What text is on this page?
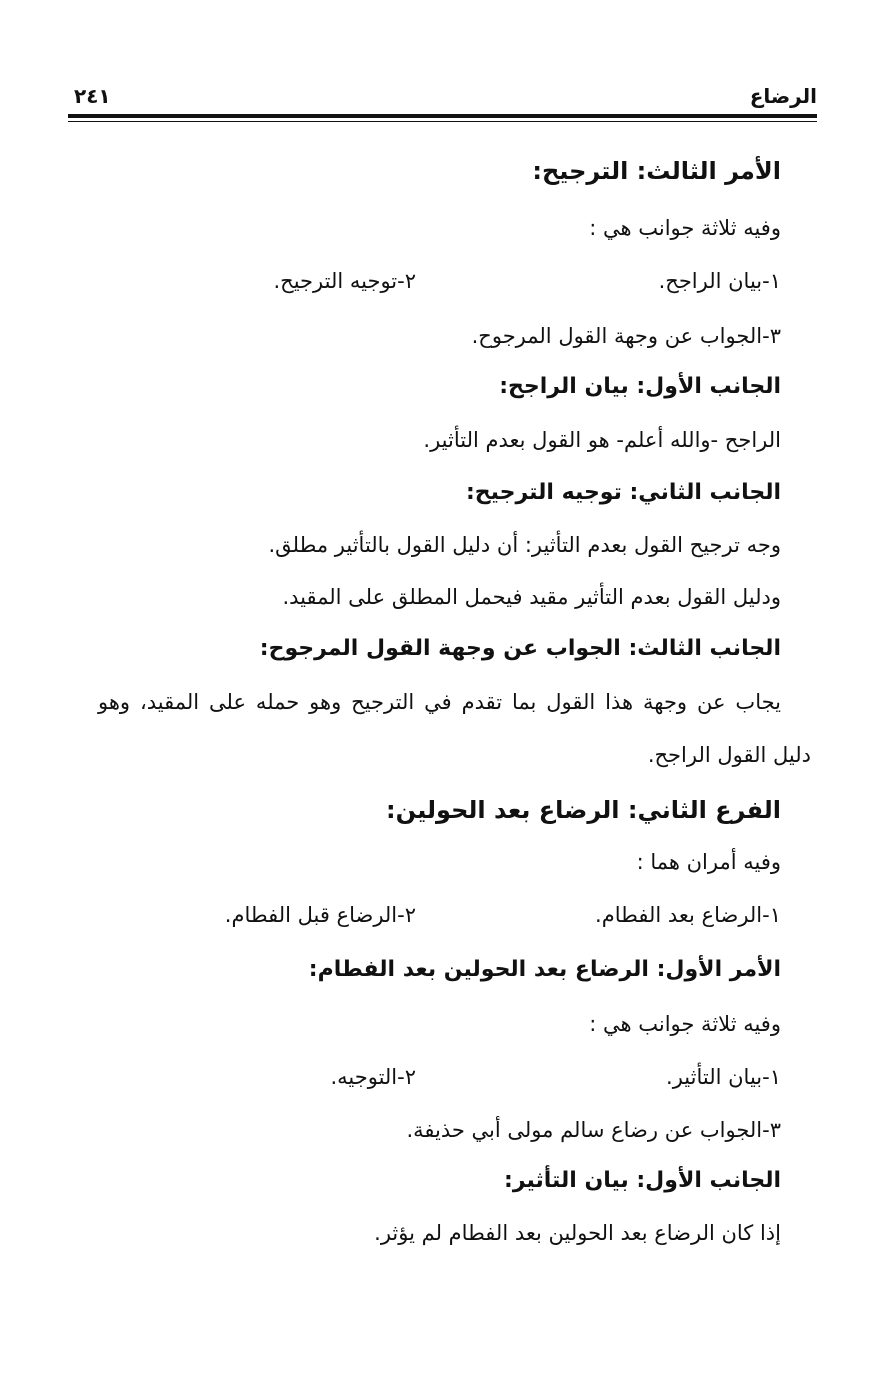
الرضاع
٢٤١
الأمر الثالث: الترجيح:
وفيه ثلاثة جوانب هي :
١-بيان الراجح.
٢-توجيه الترجيح.
٣-الجواب عن وجهة القول المرجوح.
الجانب الأول: بيان الراجح:
الراجح -والله أعلم- هو القول بعدم التأثير.
الجانب الثاني: توجيه الترجيح:
وجه ترجيح القول بعدم التأثير: أن دليل القول بالتأثير مطلق.
ودليل القول بعدم التأثير مقيد فيحمل المطلق على المقيد.
الجانب الثالث: الجواب عن وجهة القول المرجوح:
يجاب عن وجهة هذا القول بما تقدم في الترجيح وهو حمله على المقيد، وهو
دليل القول الراجح.
الفرع الثاني: الرضاع بعد الحولين:
وفيه أمران هما :
١-الرضاع بعد الفطام.
٢-الرضاع قبل الفطام.
الأمر الأول: الرضاع بعد الحولين بعد الفطام:
وفيه ثلاثة جوانب هي :
١-بيان التأثير.
٢-التوجيه.
٣-الجواب عن رضاع سالم مولى أبي حذيفة.
الجانب الأول: بيان التأثير:
إذا كان الرضاع بعد الحولين بعد الفطام لم يؤثر.
